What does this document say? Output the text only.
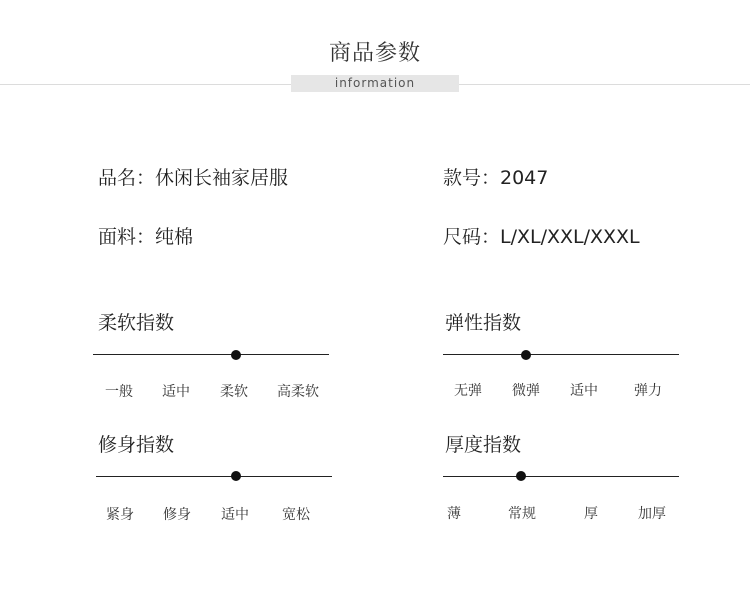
商品参数
information
品名：休闲长袖家居服	款号：2047
面料：纯棉	尺码：L/XL/XXL/XXXL
柔软指数
一般 适中 柔软 高柔软
弹性指数
无弹 微弹 适中	弹力
修身指数
紧身 修身 适中 宽松
厚度指数
薄	常规	厚	加厚
